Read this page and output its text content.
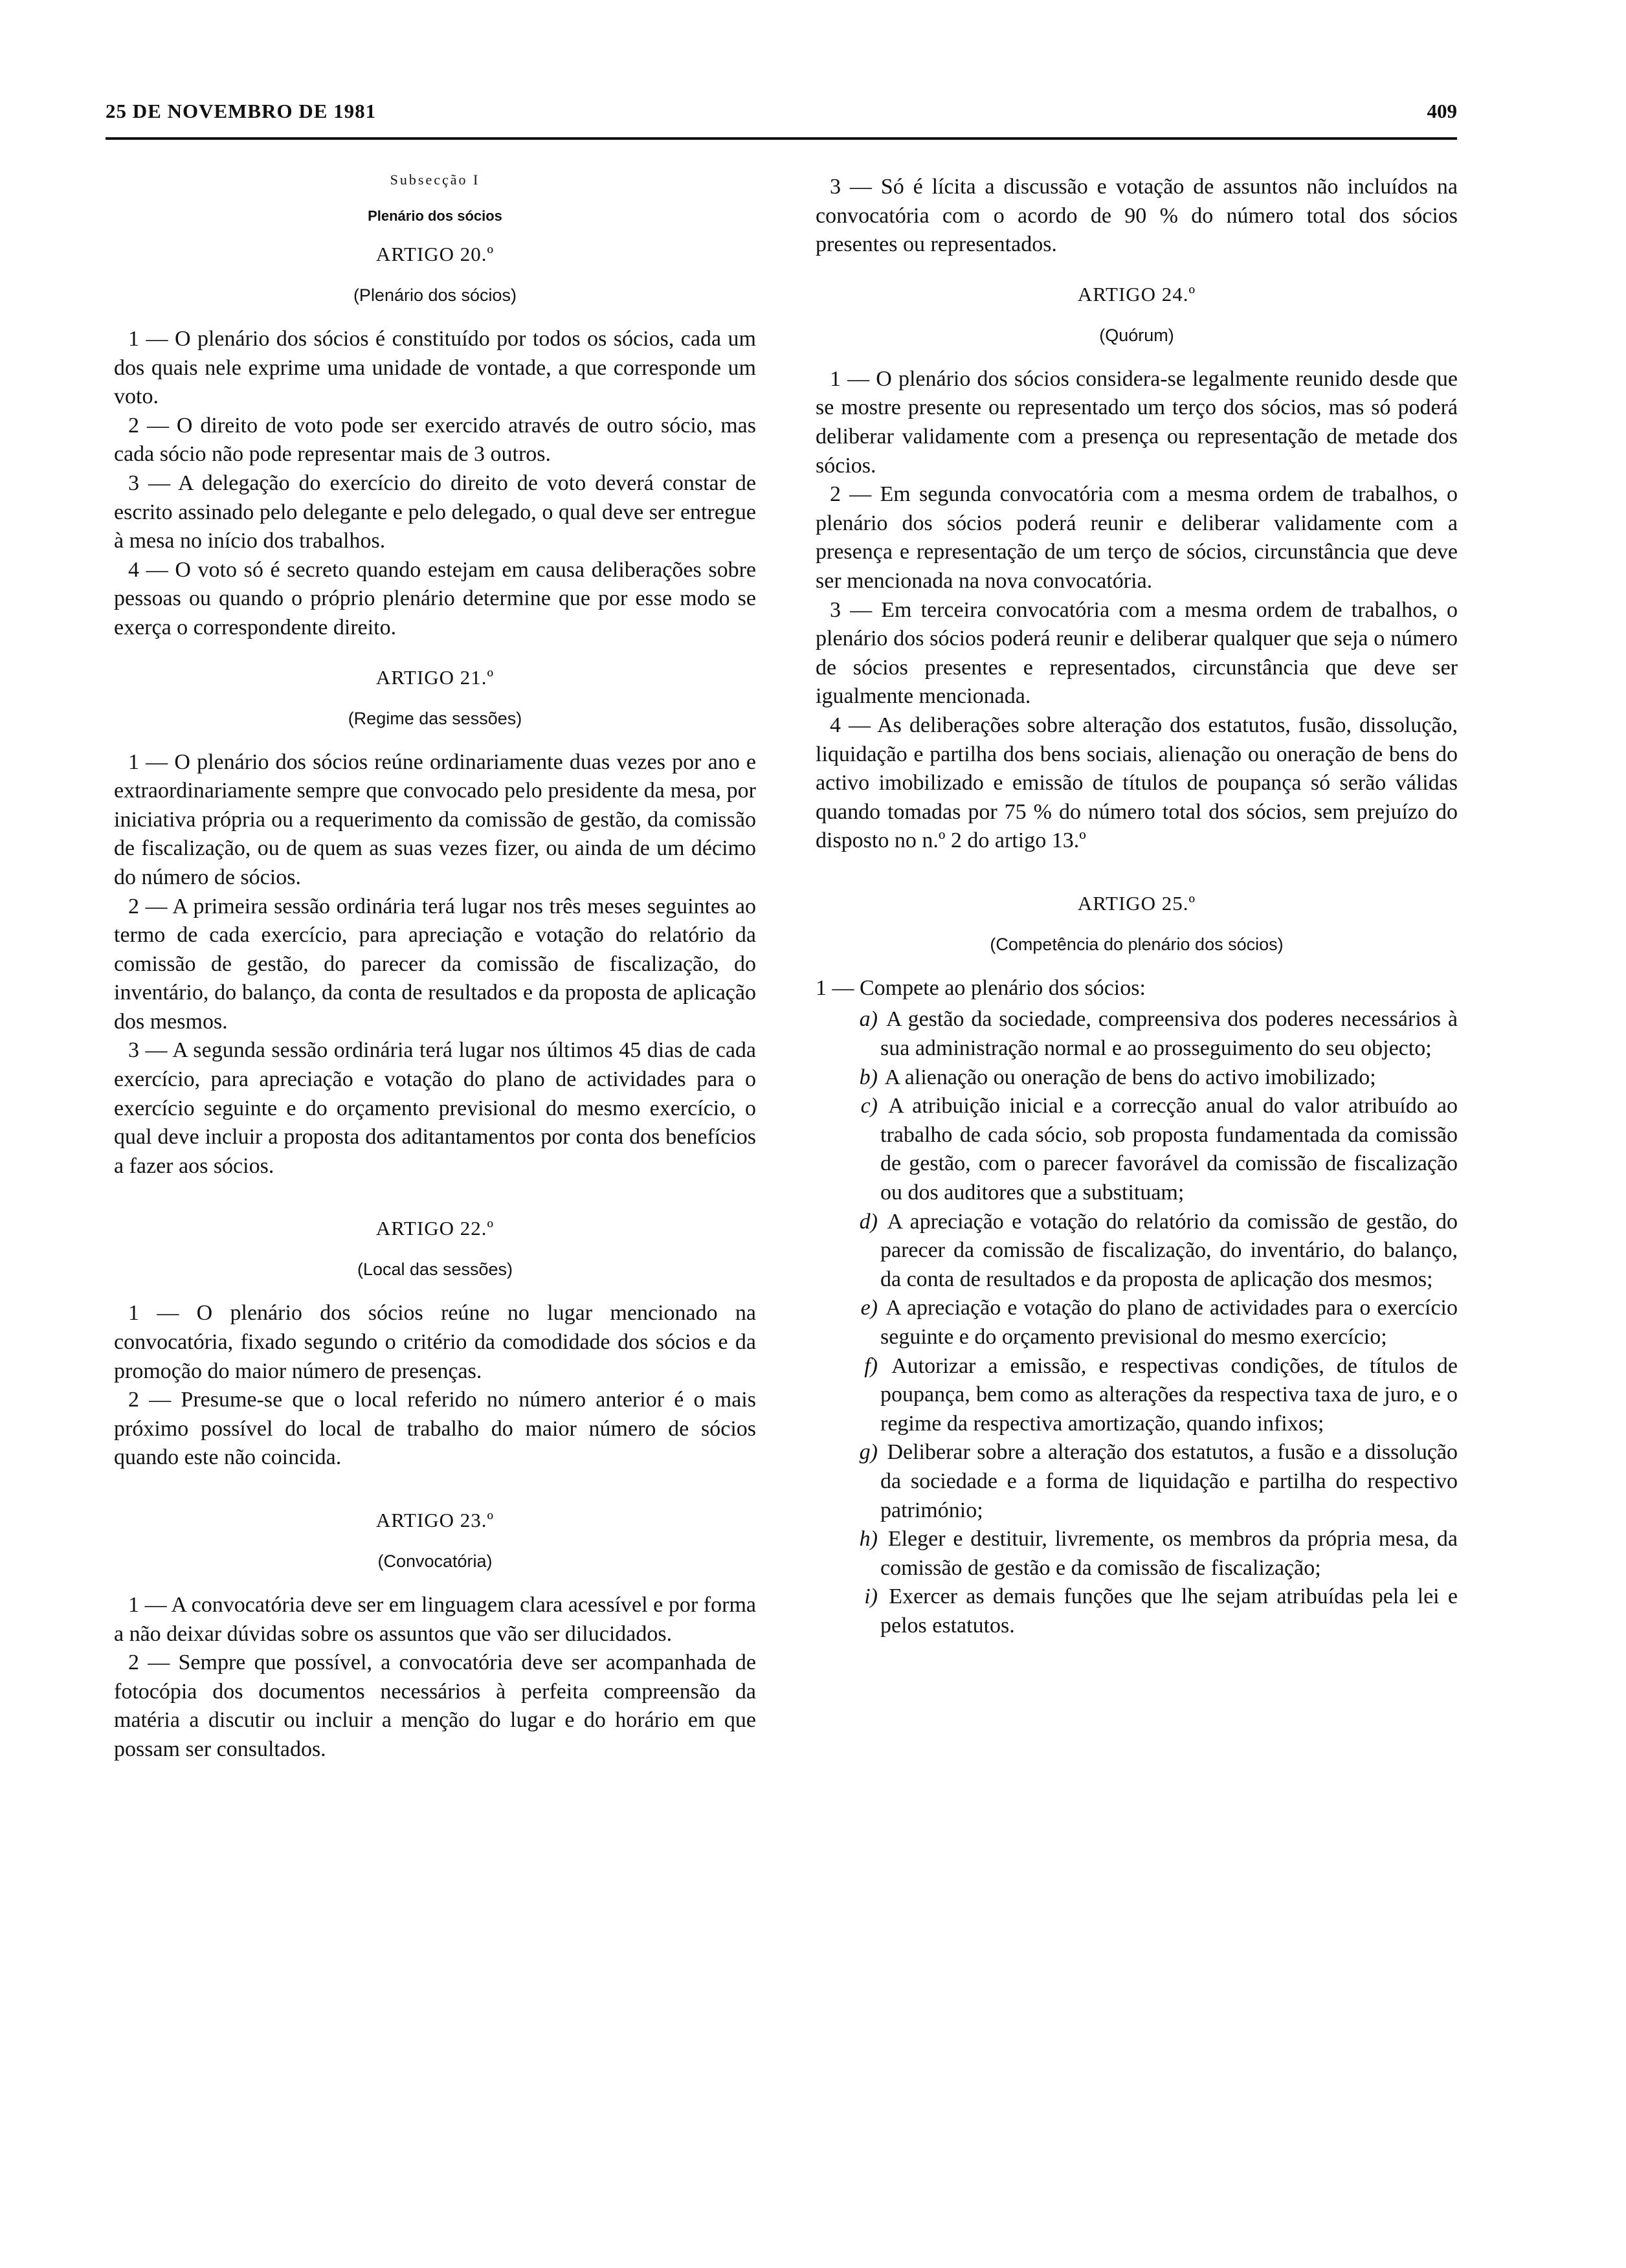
25 DE NOVEMBRO DE 1981	409
Subsecção I
Plenário dos sócios
ARTIGO 20.º
(Plenário dos sócios)

1 — O plenário dos sócios é constituído por todos os sócios, cada um dos quais nele exprime uma unidade de vontade, a que corresponde um voto.

2 — O direito de voto pode ser exercido através de outro sócio, mas cada sócio não pode representar mais de 3 outros.

3 — A delegação do exercício do direito de voto deverá constar de escrito assinado pelo delegante e pelo delegado, o qual deve ser entregue à mesa no início dos trabalhos.

4 — O voto só é secreto quando estejam em causa deliberações sobre pessoas ou quando o próprio plenário determine que por esse modo se exerça o correspondente direito.

ARTIGO 21.º
(Regime das sessões)

1 — O plenário dos sócios reúne ordinariamente duas vezes por ano e extraordinariamente sempre que convocado pelo presidente da mesa, por iniciativa própria ou a requerimento da comissão de gestão, da comissão de fiscalização, ou de quem as suas vezes fizer, ou ainda de um décimo do número de sócios.

2 — A primeira sessão ordinária terá lugar nos três meses seguintes ao termo de cada exercício, para apreciação e votação do relatório da comissão de gestão, do parecer da comissão de fiscalização, do inventário, do balanço, da conta de resultados e da proposta de aplicação dos mesmos.

3 — A segunda sessão ordinária terá lugar nos últimos 45 dias de cada exercício, para apreciação e votação do plano de actividades para o exercício seguinte e do orçamento previsional do mesmo exercício, o qual deve incluir a proposta dos aditantamentos por conta dos benefícios a fazer aos sócios.

ARTIGO 22.º
(Local das sessões)

1 — O plenário dos sócios reúne no lugar mencionado na convocatória, fixado segundo o critério da comodidade dos sócios e da promoção do maior número de presenças.

2 — Presume-se que o local referido no número anterior é o mais próximo possível do local de trabalho do maior número de sócios quando este não coincida.

ARTIGO 23.º
(Convocatória)

1 — A convocatória deve ser em linguagem clara acessível e por forma a não deixar dúvidas sobre os assuntos que vão ser dilucidados.

2 — Sempre que possível, a convocatória deve ser acompanhada de fotocópia dos documentos necessários à perfeita compreensão da matéria a discutir ou incluir a menção do lugar e do horário em que possam ser consultados.

3 — Só é lícita a discussão e votação de assuntos não incluídos na convocatória com o acordo de 90 % do número total dos sócios presentes ou representados.

ARTIGO 24.º
(Quórum)

1 — O plenário dos sócios considera-se legalmente reunido desde que se mostre presente ou representado um terço dos sócios, mas só poderá deliberar validamente com a presença ou representação de metade dos sócios.

2 — Em segunda convocatória com a mesma ordem de trabalhos, o plenário dos sócios poderá reunir e deliberar validamente com a presença e representação de um terço de sócios, circunstância que deve ser mencionada na nova convocatória.

3 — Em terceira convocatória com a mesma ordem de trabalhos, o plenário dos sócios poderá reunir e deliberar qualquer que seja o número de sócios presentes e representados, circunstância que deve ser igualmente mencionada.

4 — As deliberações sobre alteração dos estatutos, fusão, dissolução, liquidação e partilha dos bens sociais, alienação ou oneração de bens do activo imobilizado e emissão de títulos de poupança só serão válidas quando tomadas por 75 % do número total dos sócios, sem prejuízo do disposto no n.º 2 do artigo 13.º

ARTIGO 25.º
(Competência do plenário dos sócios)

1 — Compete ao plenário dos sócios:

a) A gestão da sociedade, compreensiva dos poderes necessários à sua administração normal e ao prosseguimento do seu objecto;

b) A alienação ou oneração de bens do activo imobilizado;

c) A atribuição inicial e a correcção anual do valor atribuído ao trabalho de cada sócio, sob proposta fundamentada da comissão de gestão, com o parecer favorável da comissão de fiscalização ou dos auditores que a substituam;

d) A apreciação e votação do relatório da comissão de gestão, do parecer da comissão de fiscalização, do inventário, do balanço, da conta de resultados e da proposta de aplicação dos mesmos;

e) A apreciação e votação do plano de actividades para o exercício seguinte e do orçamento previsional do mesmo exercício;

f) Autorizar a emissão, e respectivas condições, de títulos de poupança, bem como as alterações da respectiva taxa de juro, e o regime da respectiva amortização, quando infixos;

g) Deliberar sobre a alteração dos estatutos, a fusão e a dissolução da sociedade e a forma de liquidação e partilha do respectivo património;

h) Eleger e destituir, livremente, os membros da própria mesa, da comissão de gestão e da comissão de fiscalização;

i) Exercer as demais funções que lhe sejam atribuídas pela lei e pelos estatutos.
